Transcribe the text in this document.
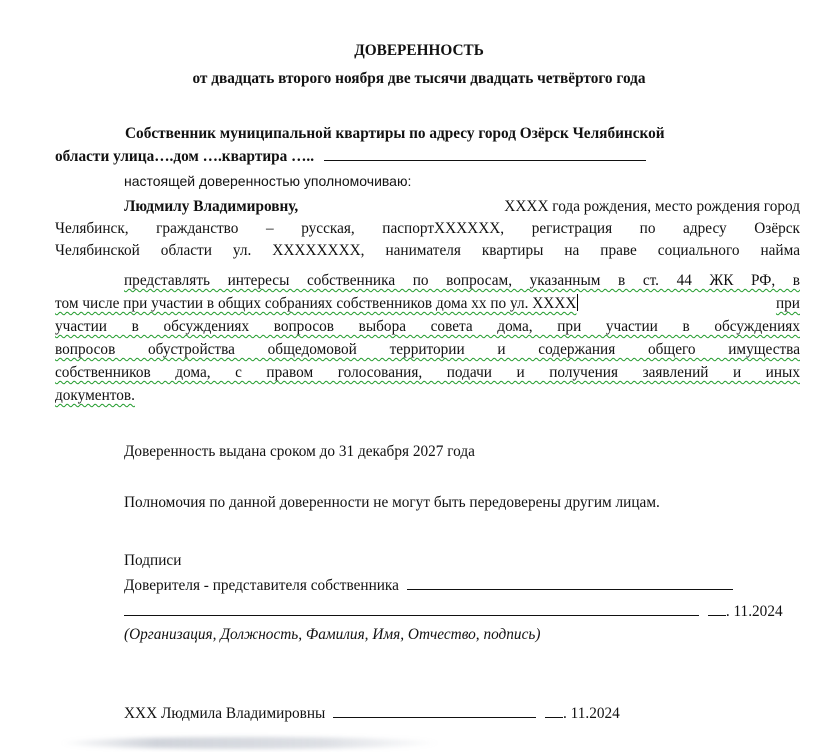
ДОВЕРЕННОСТЬ
от двадцать второго ноября две тысячи двадцать четвёртого года
Собственник муниципальной квартиры по адресу город Озёрск Челябинской
области улица….дом ….квартира …..
настоящей доверенностью уполномочиваю:
Людмилу Владимировну,	XXXX года рождения, место рождения город
Челябинск, гражданство – русская, паспортXXXXXX, регистрация по адресу Озёрск
Челябинской области ул. XXXXXXXX, нанимателя квартиры на праве социального найма
представлять интересы собственника по вопросам, указанным в ст. 44 ЖК РФ, в
том числе при участии в общих собраниях собственников дома хх по ул. XXXX	при
участии в обсуждениях вопросов выбора совета дома, при участии в обсуждениях
вопросов обустройства общедомовой территории и содержания общего имущества
собственников дома, с правом голосования, подачи и получения заявлений и иных
документов.
Доверенность выдана сроком до 31 декабря 2027 года
Полномочия по данной доверенности не могут быть передоверены другим лицам.
Подписи
Доверителя - представителя собственника
. 11.2024
(Организация, Должность, Фамилия, Имя, Отчество, подпись)
XXX Людмила Владимировны	. 11.2024
